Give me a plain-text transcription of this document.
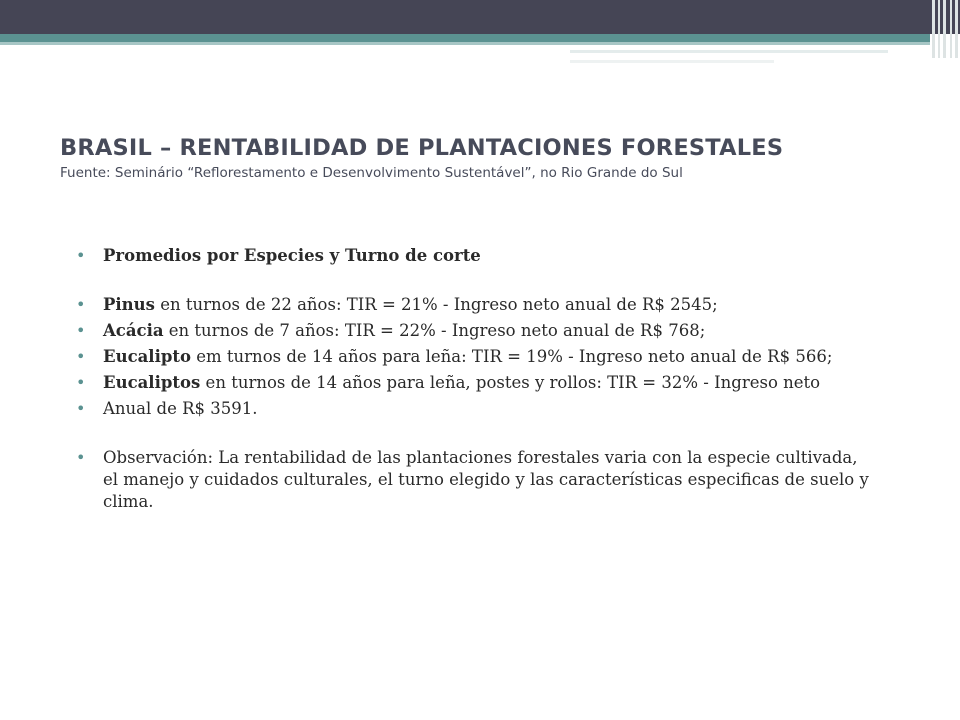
BRASIL – RENTABILIDAD DE PLANTACIONES FORESTALES
Fuente: Seminário “Reflorestamento e Desenvolvimento Sustentável”, no Rio Grande do Sul
• Promedios por Especies y Turno de corte
• Pinus en turnos de 22 años: TIR = 21% - Ingreso neto anual de R$ 2545;
• Acácia en turnos de 7 años: TIR = 22% - Ingreso neto anual de R$ 768;
• Eucalipto em turnos de 14 años para leña: TIR = 19% - Ingreso neto anual de R$ 566;
• Eucaliptos en turnos de 14 años para leña, postes y rollos: TIR = 32% - Ingreso neto
• Anual de R$ 3591.
• Observación: La rentabilidad de las plantaciones forestales varia con la especie cultivada, el manejo y cuidados culturales, el turno elegido y las características especificas de suelo y clima.
